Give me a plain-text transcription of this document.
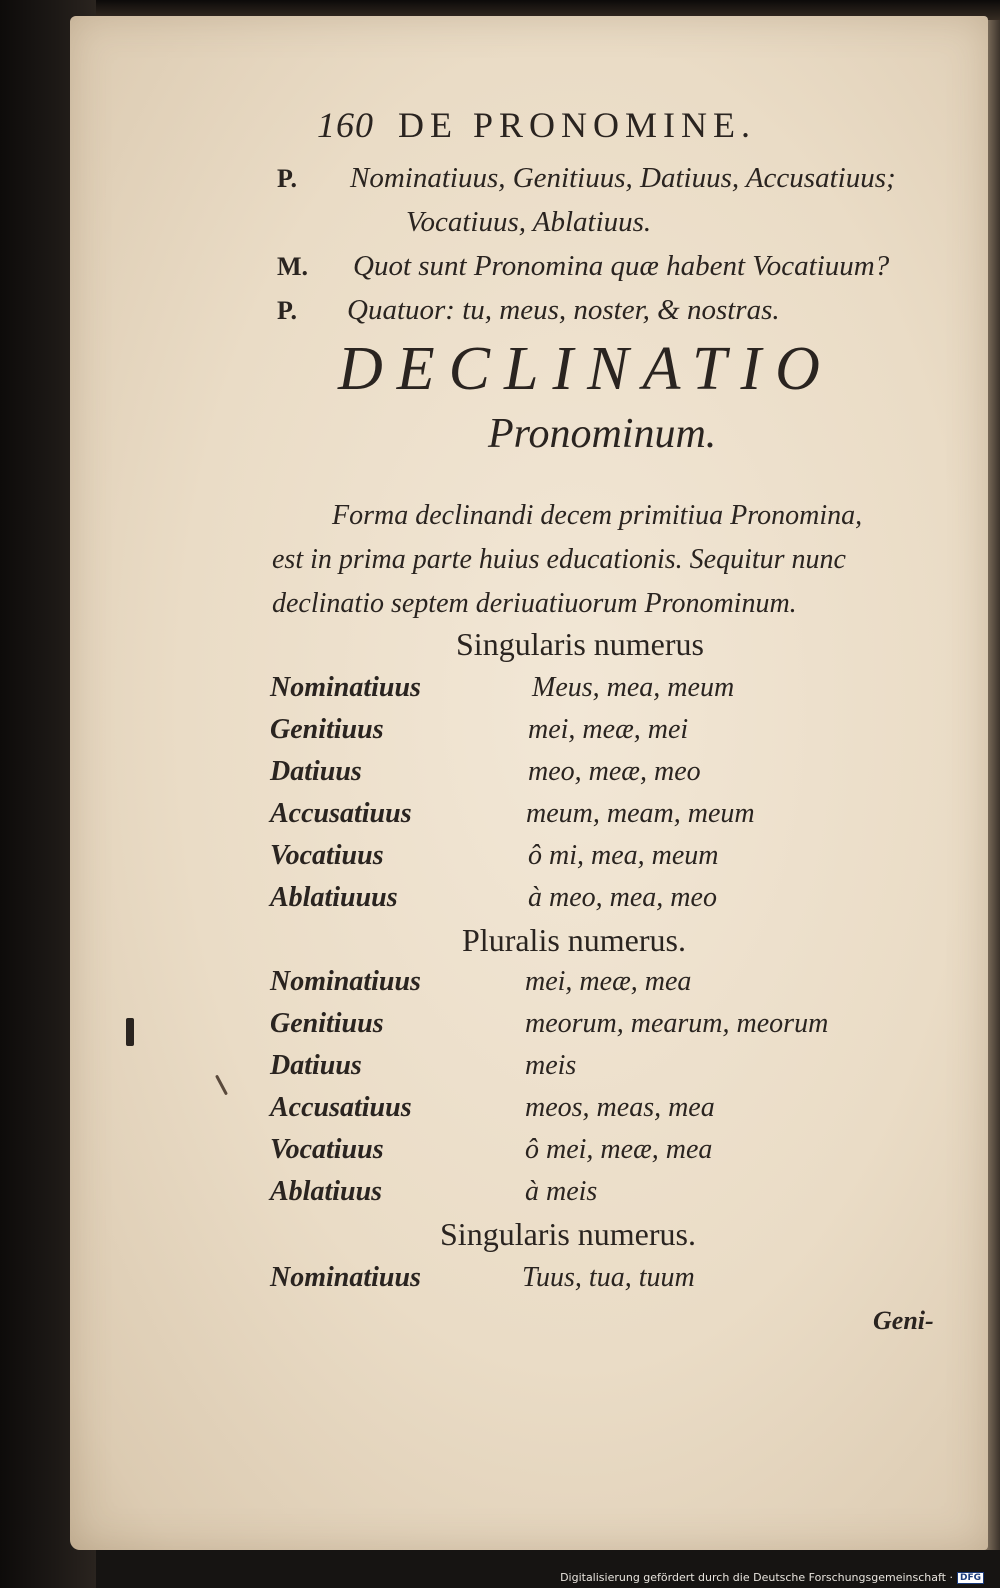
160 DE PRONOMINE.
P. Nominatiuus, Genitiuus, Datiuus, Accusatiuus;
Vocatiuus, Ablatiuus.
M. Quot sunt Pronomina quæ habent Vocatiuum?
P. Quatuor: tu, meus, noster, & nostras.
DECLINATIO
Pronominum.
Forma declinandi decem primitiua Pronomina,
est in prima parte huius educationis. Sequitur nunc
declinatio septem deriuatiuorum Pronominum.
Singularis numerus
Nominatiuus	Meus, mea, meum
Genitiuus	mei, meæ, mei
Datiuus	meo, meæ, meo
Accusatiuus	meum, meam, meum
Vocatiuus	ô mi, mea, meum
Ablatiuuus	à meo, mea, meo
Pluralis numerus.
Nominatiuus	mei, meæ, mea
Genitiuus	meorum, mearum, meorum
Datiuus	meis
Accusatiuus	meos, meas, mea
Vocatiuus	ô mei, meæ, mea
Ablatiuus	à meis
Singularis numerus.
Nominatiuus	Tuus, tua, tuum
Geni-
Digitalisierung gefördert durch die Deutsche Forschungsgemeinschaft · DFG
